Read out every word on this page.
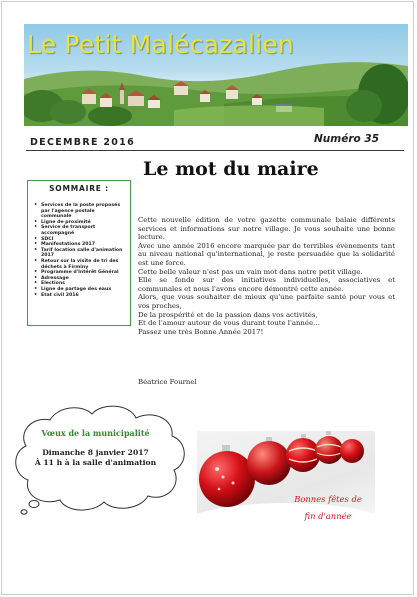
Le Petit Malécazalien
DECEMBRE 2016	Numéro 35
Le mot du maire
SOMMAIRE :
• Services de la poste proposés par l'agence postale communale
• Ligne de proximité
• Service de transport accompagné
• SDCI
• Manifestations 2017
• Tarif location salle d'animation 2017
• Retour sur la visite de tri des déchets à Firminy
• Programme d'Intérêt Général
• Adressage
• Elections
• Ligne de partage des eaux
• Etat civil 2016

Cette nouvelle édition de votre gazette communale balaie différents services et informations sur notre village. Je vous souhaite une bonne lecture.

Avec une année 2016 encore marquée par de terribles évènements tant au niveau national qu'international, je reste persuadée que la solidarité est une force.

Cette belle valeur n'est pas un vain mot dans notre petit village.

Elle se fonde sur des initiatives individuelles, associatives et communales et nous l'avons encore démontré cette année.

Alors, que vous souhaiter de mieux qu'une parfaite santé pour vous et vos proches,

De la prospérité et de la passion dans vos activités,

Et de l'amour autour de vous durant toute l'année…

Passez une très Bonne Année 2017!

Béatrice Fournel
Vœux de la municipalité
Dimanche 8 janvier 2017
À 11 h à la salle d'animation
Bonnes fêtes de
fin d'année
